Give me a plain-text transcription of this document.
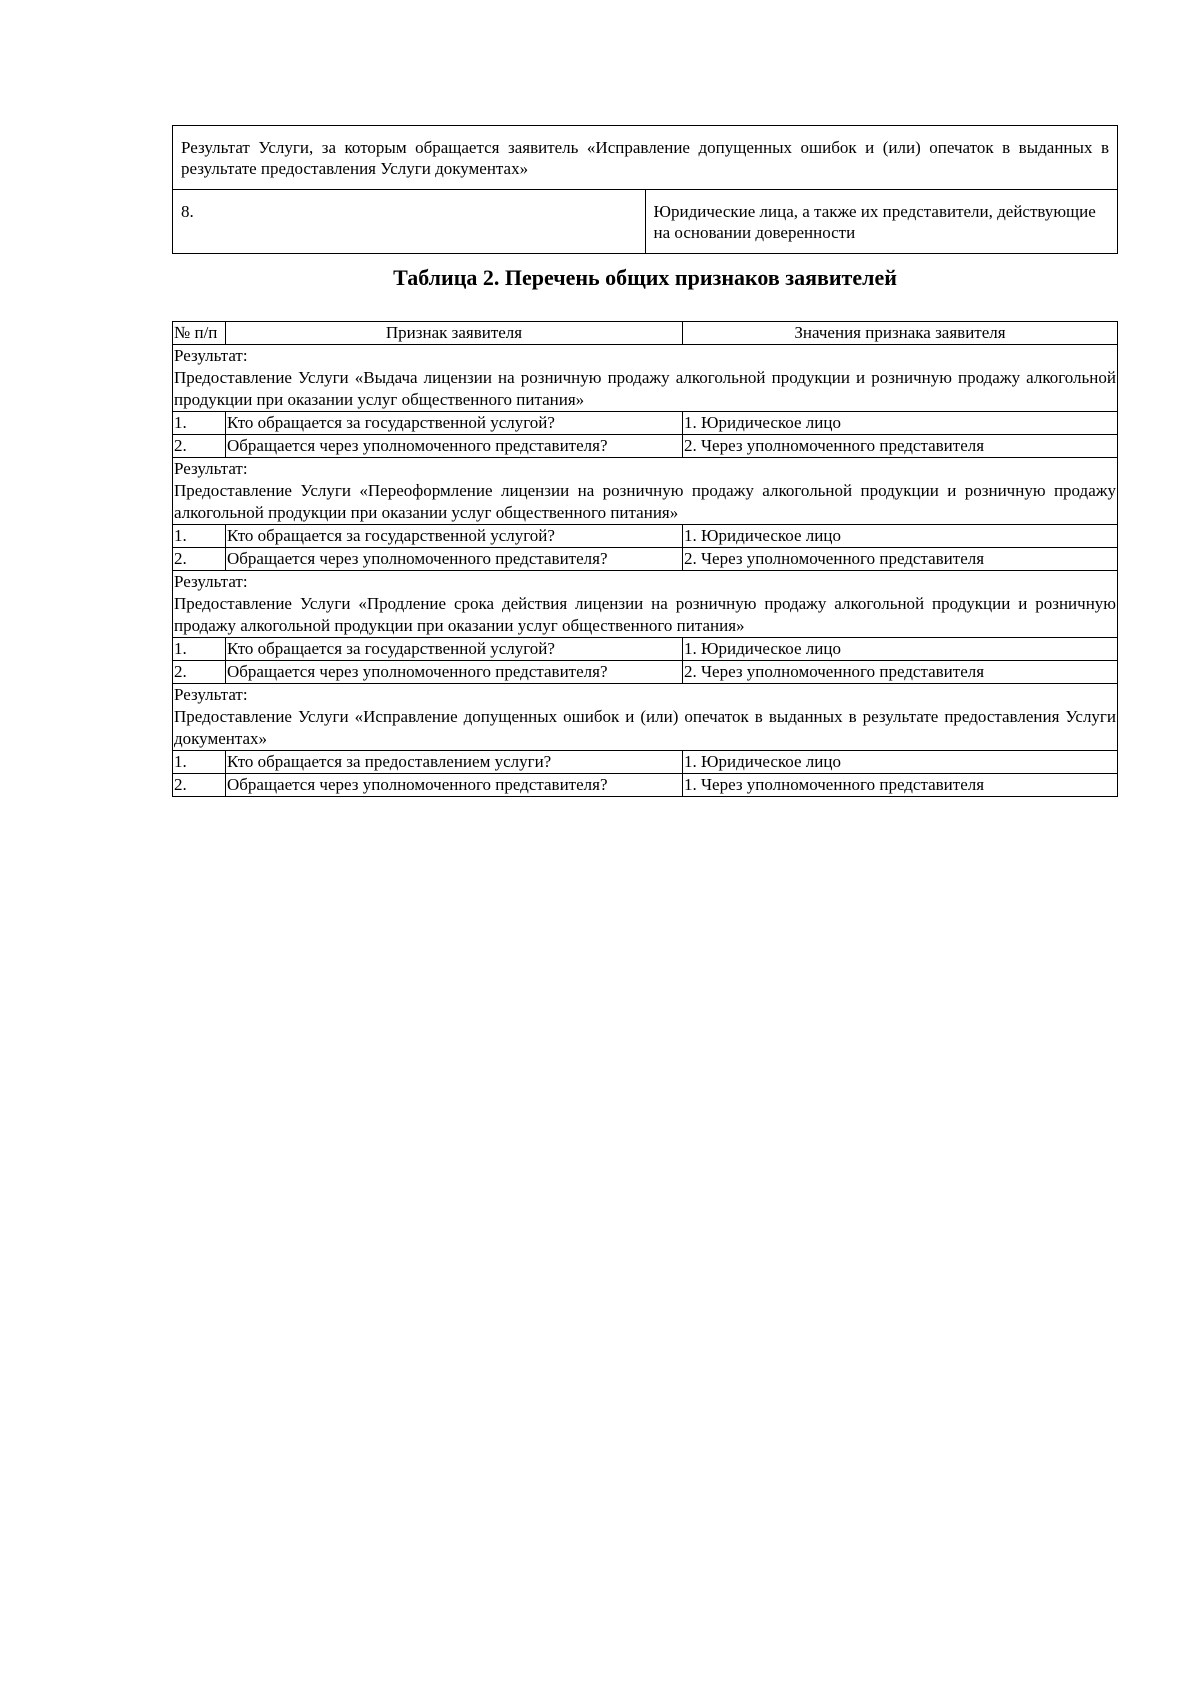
Результат Услуги, за которым обращается заявитель «Исправление допущенных ошибок и (или) опечаток в выданных в результате предоставления Услуги документах»
8.	Юридические лица, а также их представители, действующие на основании доверенности
Таблица 2. Перечень общих признаков заявителей
№ п/п	Признак заявителя	Значения признака заявителя

Результат:
Предоставление Услуги «Выдача лицензии на розничную продажу алкогольной продукции и розничную продажу алкогольной продукции при оказании услуг общественного питания»		

1.	Кто обращается за государственной услугой?	1. Юридическое лицо
2.	Обращается через уполномоченного представителя?	2. Через уполномоченного представителя

Результат:
Предоставление Услуги «Переоформление лицензии на розничную продажу алкогольной продукции и розничную продажу алкогольной продукции при оказании услуг общественного питания»		

1.	Кто обращается за государственной услугой?	1. Юридическое лицо
2.	Обращается через уполномоченного представителя?	2. Через уполномоченного представителя

Результат:
Предоставление Услуги «Продление срока действия лицензии на розничную продажу алкогольной продукции и розничную продажу алкогольной продукции при оказании услуг общественного питания»		

1.	Кто обращается за государственной услугой?	1. Юридическое лицо
2.	Обращается через уполномоченного представителя?	2. Через уполномоченного представителя

Результат:
Предоставление Услуги «Исправление допущенных ошибок и (или) опечаток в выданных в результате предоставления Услуги документах»		

1.	Кто обращается за предоставлением услуги?	1. Юридическое лицо
2.	Обращается через уполномоченного представителя?	1. Через уполномоченного представителя
